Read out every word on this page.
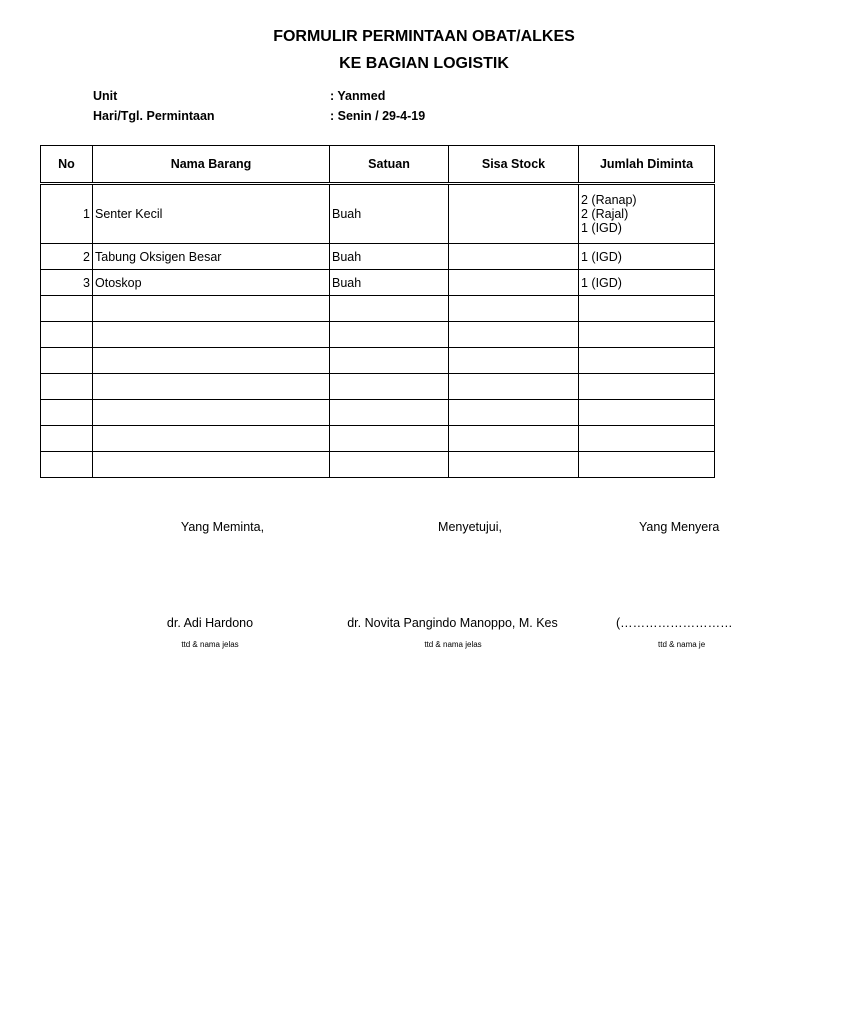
FORMULIR PERMINTAAN OBAT/ALKES
KE BAGIAN LOGISTIK
Unit	: Yanmed
Hari/Tgl. Permintaan	: Senin / 29-4-19
No	Nama Barang	Satuan	Sisa Stock	Jumlah Diminta
1	Senter Kecil	Buah		2 (Ranap)
2 (Rajal)
1 (IGD)

2	Tabung Oksigen Besar	Buah		1 (IGD)
3	Otoskop	Buah		1 (IGD)

Yang Meminta,	Menyetujui,	Yang Menyera
dr. Adi Hardono	dr. Novita Pangindo Manoppo, M. Kes	(………………………
ttd & nama jelas	ttd & nama jelas	ttd & nama je
